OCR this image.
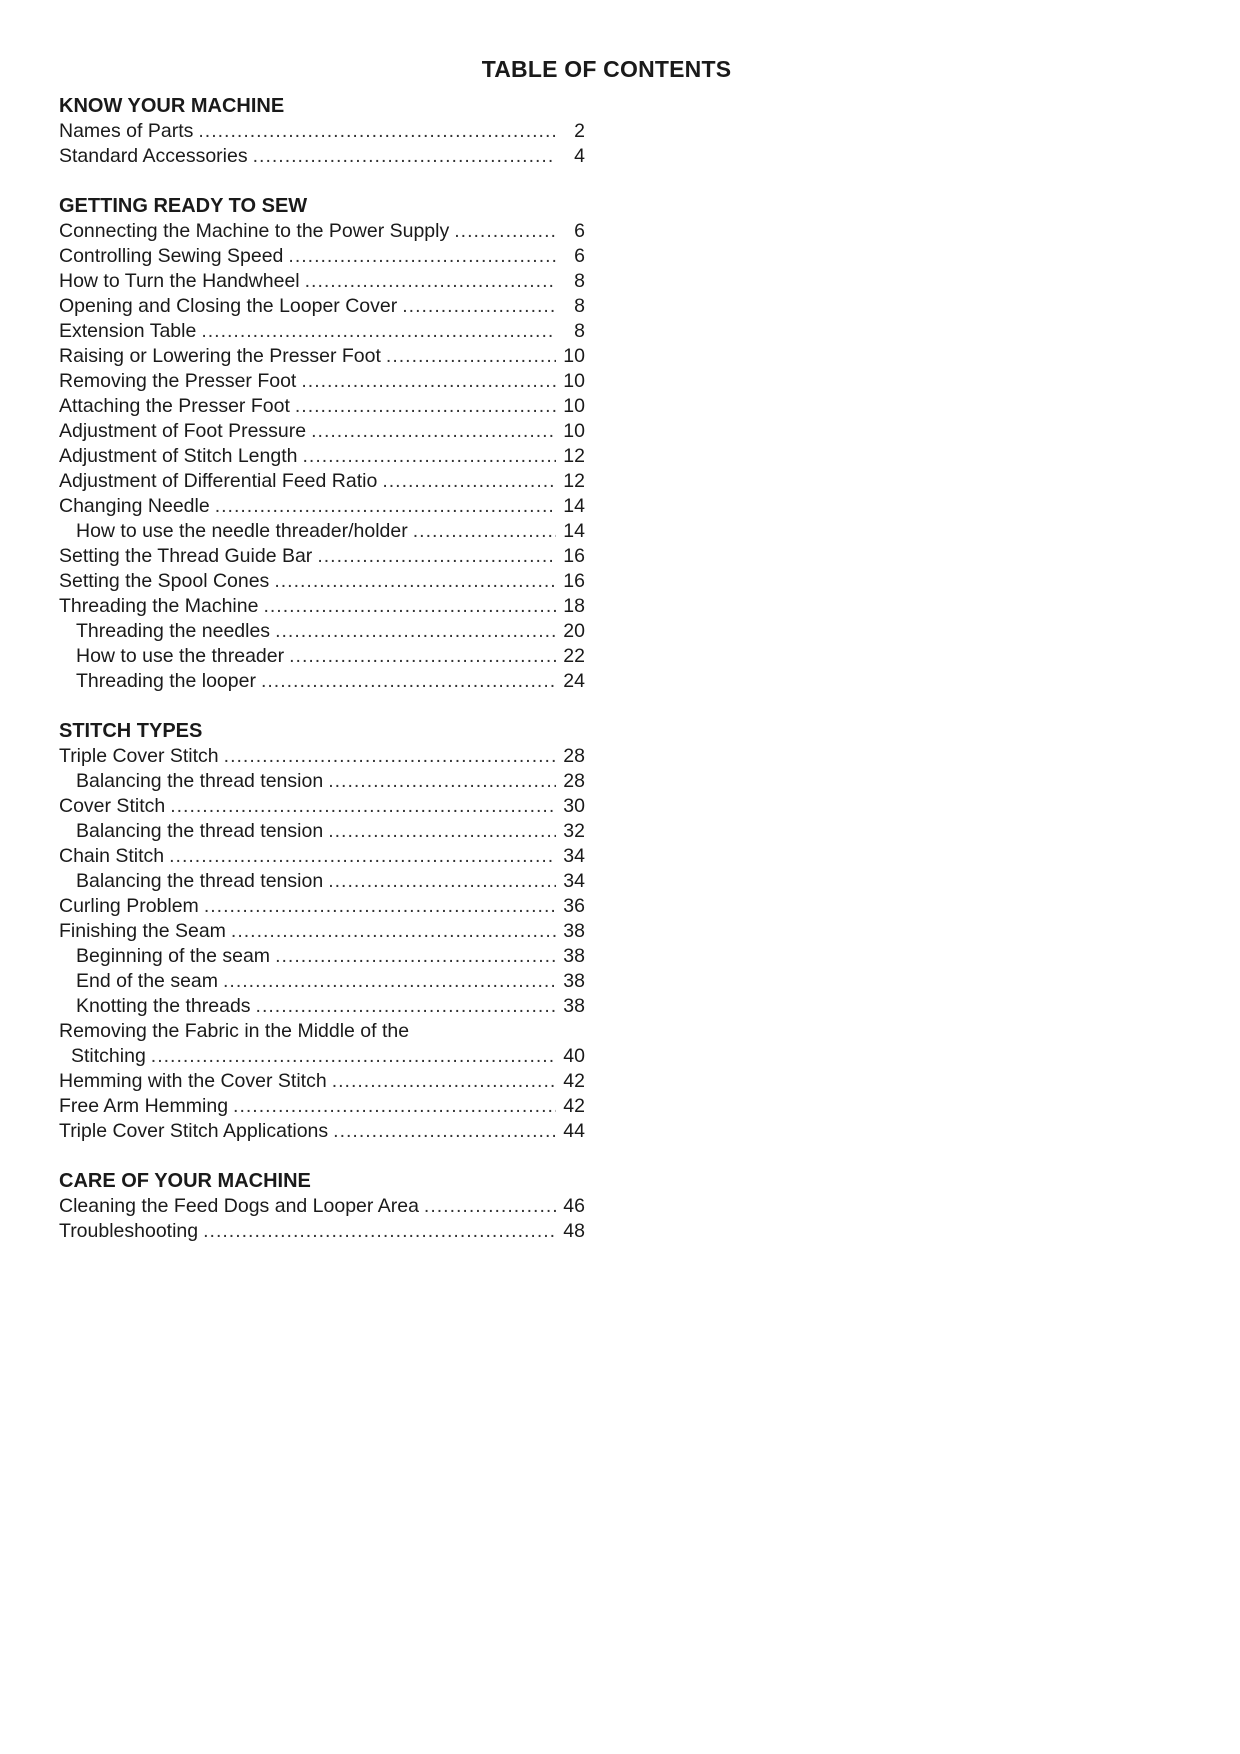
TABLE OF CONTENTS
KNOW YOUR MACHINE
Names of Parts .....	2
Standard Accessories .....	4
GETTING READY TO SEW
Connecting the Machine to the Power Supply .....	6
Controlling Sewing Speed .....	6
How to Turn the Handwheel .....	8
Opening and Closing the Looper Cover .....	8
Extension Table .....	8
Raising or Lowering the Presser Foot .....	10
Removing the Presser Foot .....	10
Attaching the Presser Foot .....	10
Adjustment of Foot Pressure .....	10
Adjustment of Stitch Length .....	12
Adjustment of Differential Feed Ratio .....	12
Changing Needle .....	14
How to use the needle threader/holder .....	14
Setting the Thread Guide Bar .....	16
Setting the Spool Cones .....	16
Threading the Machine .....	18
Threading the needles .....	20
How to use the threader .....	22
Threading the looper .....	24
STITCH TYPES
Triple Cover Stitch .....	28
Balancing the thread tension .....	28
Cover Stitch .....	30
Balancing the thread tension .....	32
Chain Stitch .....	34
Balancing the thread tension .....	34
Curling Problem .....	36
Finishing the Seam .....	38
Beginning of the seam .....	38
End of the seam .....	38
Knotting the threads .....	38
Removing the Fabric in the Middle of the
Stitching .....	40
Hemming with the Cover Stitch .....	42
Free Arm Hemming .....	42
Triple Cover Stitch Applications .....	44
CARE OF YOUR MACHINE
Cleaning the Feed Dogs and Looper Area .....	46
Troubleshooting .....	48
